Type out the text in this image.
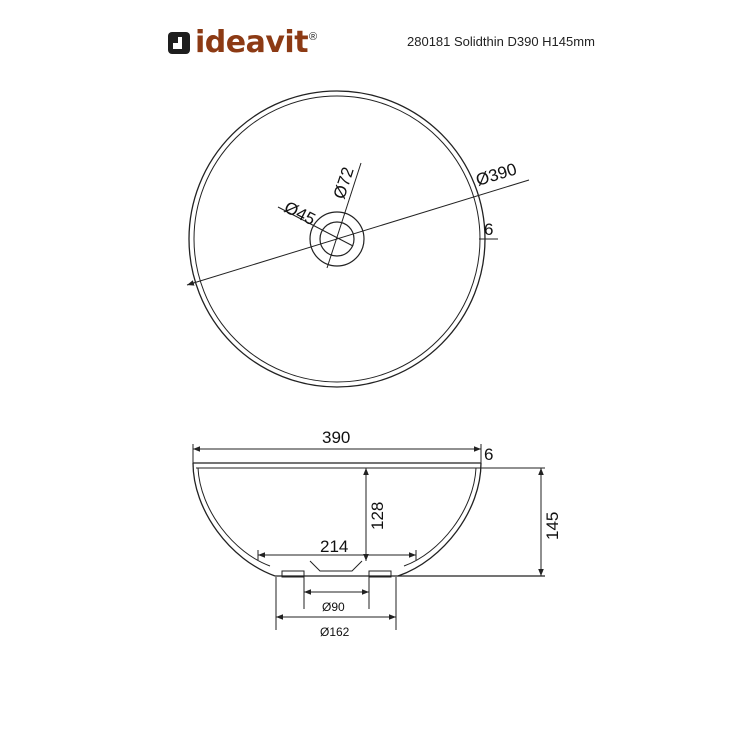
ideavit ®	280181 Solidthin D390 H145mm
Ø390
Ø72
Ø45
6
390
6
214
128	145
Ø90
Ø162
